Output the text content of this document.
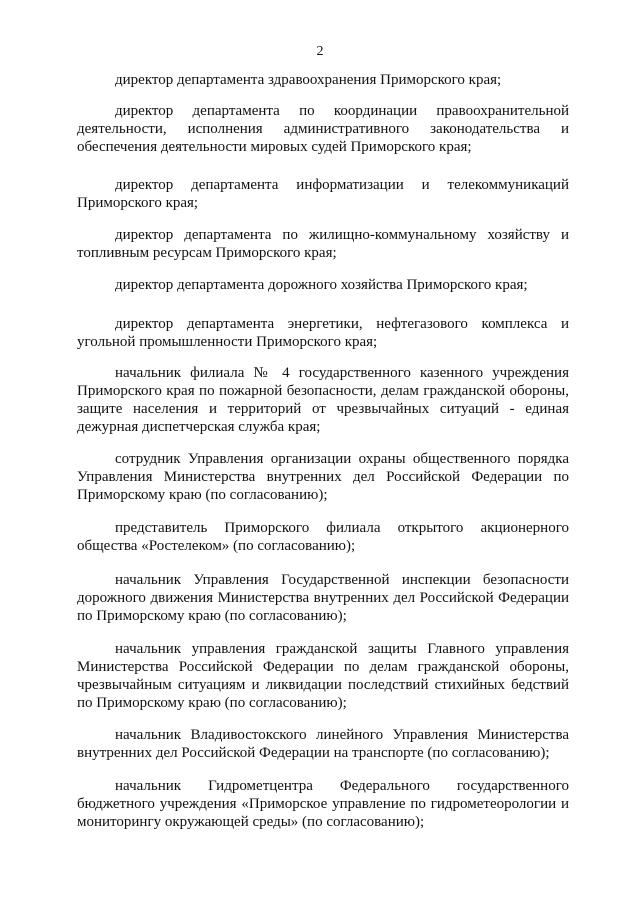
2

директор департамента здравоохранения Приморского края;

директор департамента по координации правоохранительной деятельности, исполнения административного законодательства и обеспечения деятельности мировых судей Приморского края;

директор департамента информатизации и телекоммуникаций Приморского края;

директор департамента по жилищно-коммунальному хозяйству и топливным ресурсам Приморского края;

директор департамента дорожного хозяйства Приморского края;

директор департамента энергетики, нефтегазового комплекса и угольной промышленности Приморского края;

начальник филиала № 4 государственного казенного учреждения Приморского края по пожарной безопасности, делам гражданской обороны, защите населения и территорий от чрезвычайных ситуаций - единая дежурная диспетчерская служба края;

сотрудник Управления организации охраны общественного порядка Управления Министерства внутренних дел Российской Федерации по Приморскому краю (по согласованию);

представитель Приморского филиала открытого акционерного общества «Ростелеком» (по согласованию);

начальник Управления Государственной инспекции безопасности дорожного движения Министерства внутренних дел Российской Федерации по Приморскому краю (по согласованию);

начальник управления гражданской защиты Главного управления Министерства Российской Федерации по делам гражданской обороны, чрезвычайным ситуациям и ликвидации последствий стихийных бедствий по Приморскому краю (по согласованию);

начальник Владивостокского линейного Управления Министерства внутренних дел Российской Федерации на транспорте (по согласованию);

начальник Гидрометцентра Федерального государственного бюджетного учреждения «Приморское управление по гидрометеорологии и мониторингу окружающей среды» (по согласованию);
